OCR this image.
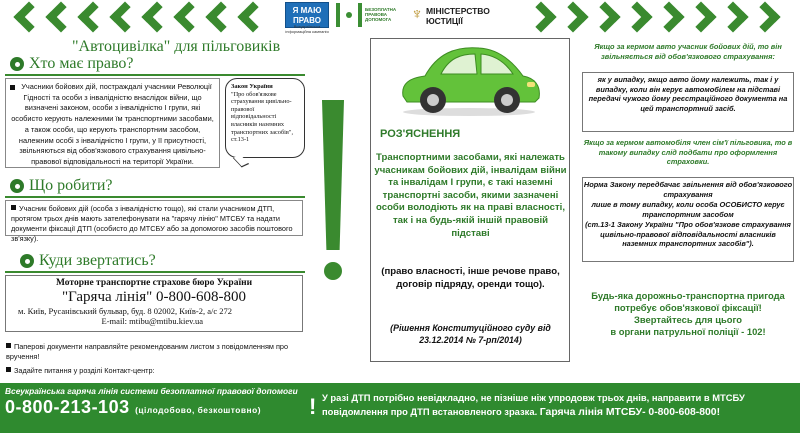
Я МАЮ ПРАВО
Всеукраїнська інформаційна кампанія
БЕЗОПЛАТНА ПРАВОВА ДОПОМОГА	♆ МІНІСТЕРСТВО ЮСТИЦІЇ
"Автоцивілка" для пільговиків
Хто має право?
Учасники бойових дій, постраждалі учасники Революції Гідності та особи з інвалідністю внаслідок війни, що визначені законом, особи з інвалідністю I групи, які особисто керують належними їм транспортними засобами, а також особи, що керують транспортним засобом, належним особі з інвалідністю I групи, у її присутності, звільняються від обов'язкового страхування цивільно-правової відповідальності на території України.
Закон України
"Про обов'язкове страхування цивільно-правової відповідальності власників наземних транспортних засобів", ст.13-1
Що робити?
Учасник бойових дій (особа з інвалідністю тощо), які стали учасником ДТП, протягом трьох днів мають зателефонувати на "гарячу лінію" МТСБУ та надати документи фіксації ДТП (особисто до МТСБУ або за допомогою засобів поштового зв'язку).
Куди звертатись?
Моторне транспортне страхове бюро України
"Гаряча лінія" 0-800-608-800
м. Київ, Русанівський бульвар, буд. 8 02002, Київ-2, а/с 272
E-mail: mtibu@mtibu.kiev.ua
Паперові документи направляйте рекомендованим листом з повідомленням про вручення!
Задайте питання у розділі Контакт-центр:
РОЗ'ЯСНЕННЯ
Транспортними засобами, які належать учасникам бойових дій, інвалідам війни та інвалідам I групи, є такі наземні транспортні засоби, якими зазначені особи володіють як на праві власності, так і на будь-якій іншій правовій підставі
(право власності, інше речове право, договір підряду, оренди тощо).
(Рішення Конституційного суду від 23.12.2014 № 7-рп/2014)
Якщо за кермом авто учасник бойових дій, то він звільняється від обов'язкового страхування:
як у випадку, якщо авто йому належить, так і у випадку, коли він керує автомобілем на підставі передачі чужого йому реєстраційного документа на цей транспортний засіб.
Якщо за кермом автомобіля член сім'ї пільговика, то в такому випадку слід подбати про оформлення страховки.
Норма Закону передбачає звільнення від обов'язкового страхування
лише в тому випадку, коли особа ОСОБИСТО керує транспортним засобом
(ст.13-1 Закону України "Про обов'язкове страхування цивільно-правової відповідальності власників наземних транспортних засобів").
Будь-яка дорожньо-транспортна пригода потребує обов'язкової фіксації!
Звертайтесь для цього
в органи патрульної поліції - 102!
Всеукраїнська гаряча лінія системи безоплатної правової допомоги
0-800-213-103 (цілодобово, безкоштовно)	! У разі ДТП потрібно невідкладно, не пізніше ніж упродовж трьох днів, направити в МТСБУ повідомлення про ДТП встановленого зразка. Гаряча лінія МТСБУ- 0-800-608-800!
